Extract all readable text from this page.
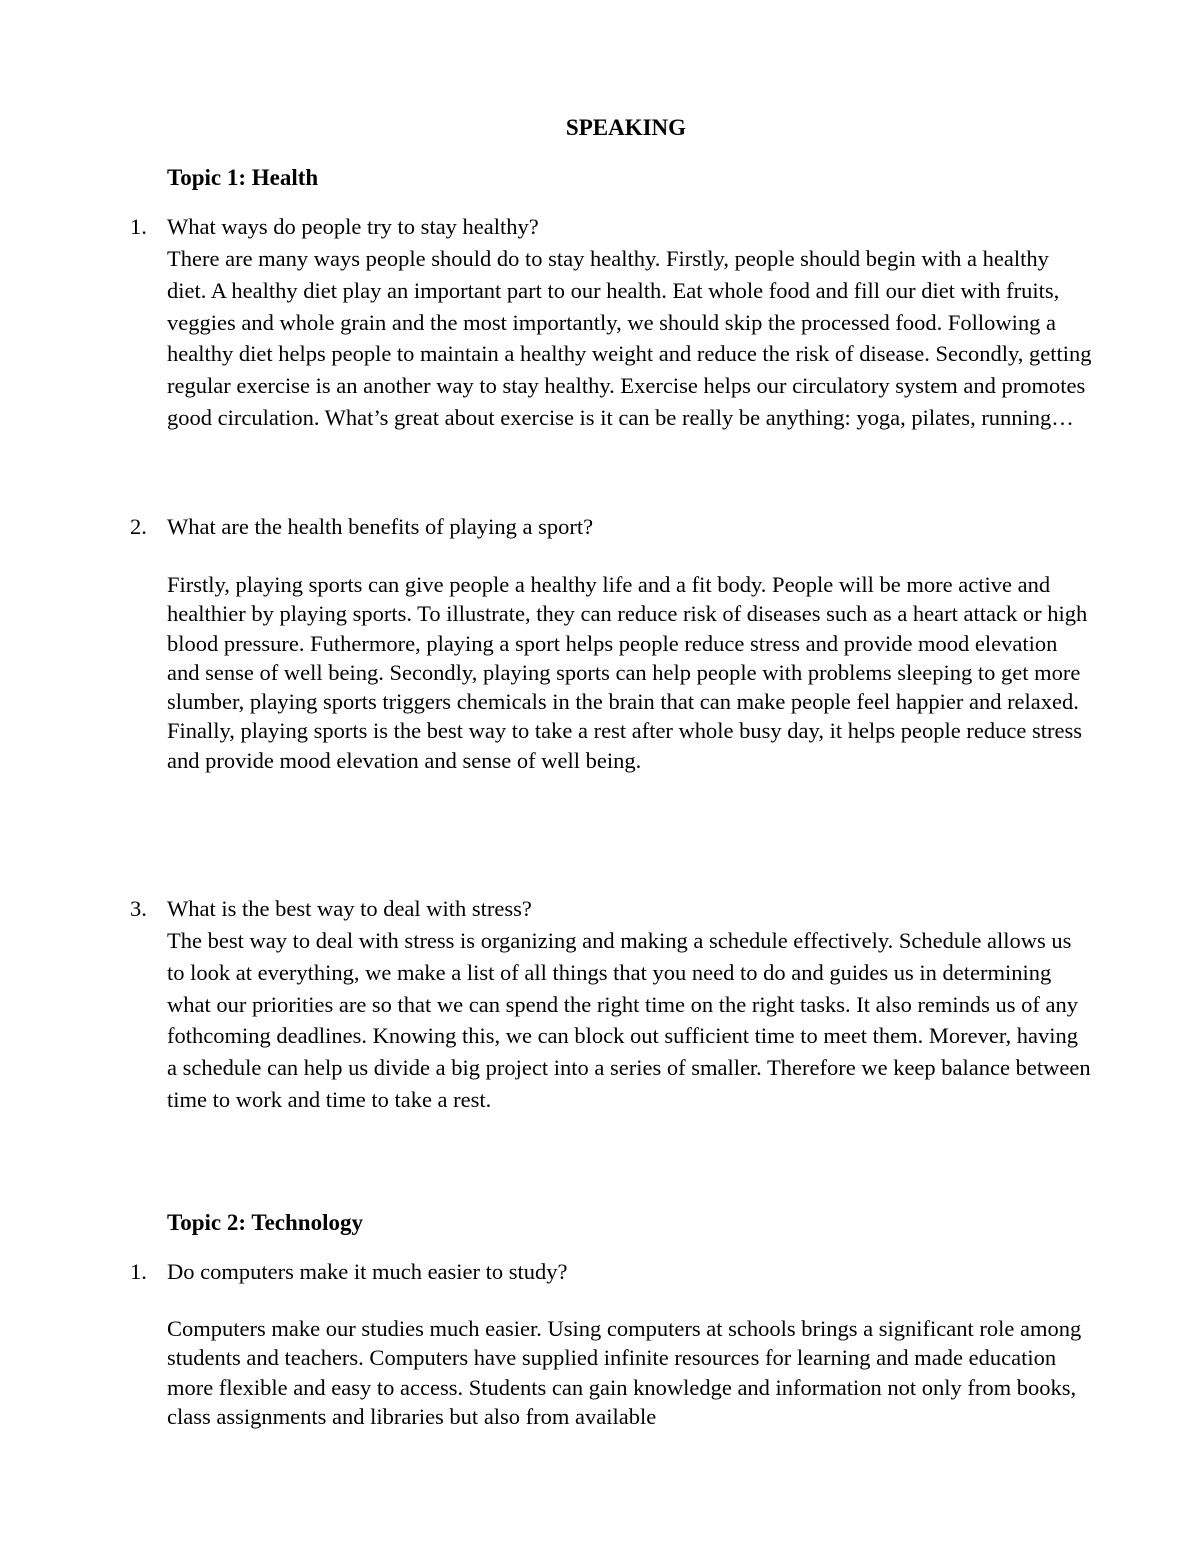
SPEAKING
Topic 1: Health
1. What ways do people try to stay healthy?

There are many ways people should do to stay healthy. Firstly, people should begin with a healthy diet. A healthy diet play an important part to our health. Eat whole food and fill our diet with fruits, veggies and whole grain and the most importantly, we should skip the processed food. Following a healthy diet helps people to maintain a healthy weight and reduce the risk of disease. Secondly, getting regular exercise is an another way to stay healthy. Exercise helps our circulatory system and promotes good circulation. What’s great about exercise is it can be really be anything: yoga, pilates, running…

2. What are the health benefits of playing a sport?

Firstly, playing sports can give people a healthy life and a fit body. People will be more active and healthier by playing sports. To illustrate, they can reduce risk of diseases such as a heart attack or high blood pressure. Futhermore, playing a sport helps people reduce stress and provide mood elevation and sense of well being. Secondly, playing sports can help people with problems sleeping to get more slumber, playing sports triggers chemicals in the brain that can make people feel happier and relaxed. Finally, playing sports is the best way to take a rest after whole busy day, it helps people reduce stress and provide mood elevation and sense of well being.

3. What is the best way to deal with stress?

The best way to deal with stress is organizing and making a schedule effectively. Schedule allows us to look at everything, we make a list of all things that you need to do and guides us in determining what our priorities are so that we can spend the right time on the right tasks. It also reminds us of any fothcoming deadlines. Knowing this, we can block out sufficient time to meet them. Morever, having a schedule can help us divide a big project into a series of smaller. Therefore we keep balance between time to work and time to take a rest.

Topic 2: Technology
1. Do computers make it much easier to study?

Computers make our studies much easier. Using computers at schools brings a significant role among students and teachers. Computers have supplied infinite resources for learning and made education more flexible and easy to access. Students can gain knowledge and information not only from books, class assignments and libraries but also from available
